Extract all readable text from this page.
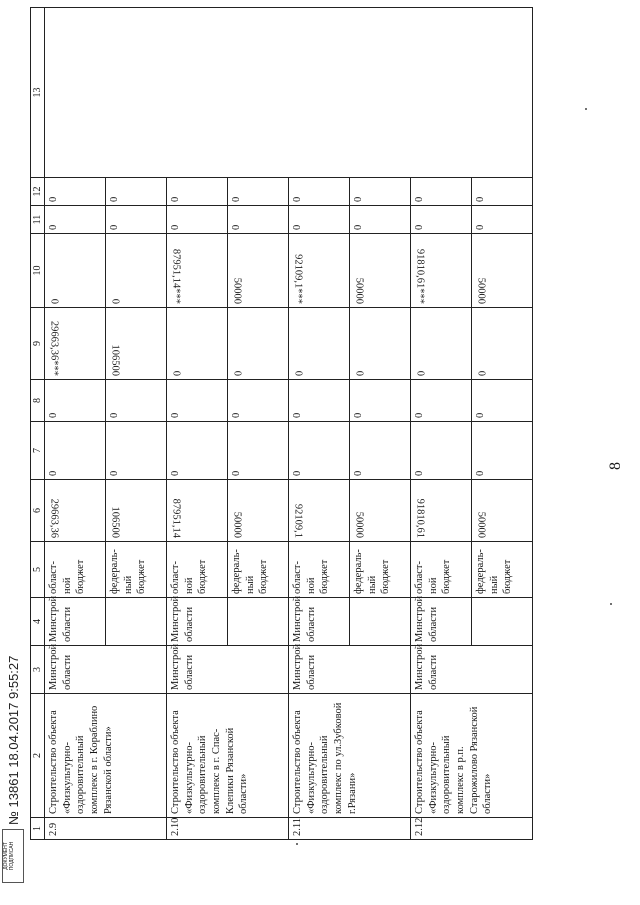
ДОКУМЕНТ ПОДПИСАН
№ 13861 18.04.2017 9:55:27
1	2	3	4	5	6	7	8	9	10	11	12	13
2.9	Строительство объекта «Физкультурно-оздоровительный комплекс в г. Кораблино Рязанской области»	Минстрой области	Минстрой области	област-ной бюджет	29663,36	0	0	29663,36***	0	0	0	
				федераль-ный бюджет	106500	0	0	106500	0	0	0	
2.10	Строительство объекта «Физкультурно-оздоровительный комплекс в г. Спас-Клепики Рязанской области»	Минстрой области	Минстрой области	област-ной бюджет	87951,14	0	0	0	87951,14***	0	0	
				федераль-ный бюджет	50000	0	0	0	50000	0	0	
2.11	Строительство объекта «Физкультурно-оздоровительный комплекс по ул.Зубковой г.Рязани»	Минстрой области	Минстрой области	област-ной бюджет	92109,1	0	0	0	92109,1***	0	0	
				федераль-ный бюджет	50000	0	0	0	50000	0	0	
2.12	Строительство объекта «Физкультурно-оздоровительный комплекс в р.п. Старожилово Рязанской области»	Минстрой области	Минстрой области	област-ной бюджет	91810,61	0	0	0	91810,61***	0	0	
				федераль-ный бюджет	50000	0	0	0	50000	0	0	
8
